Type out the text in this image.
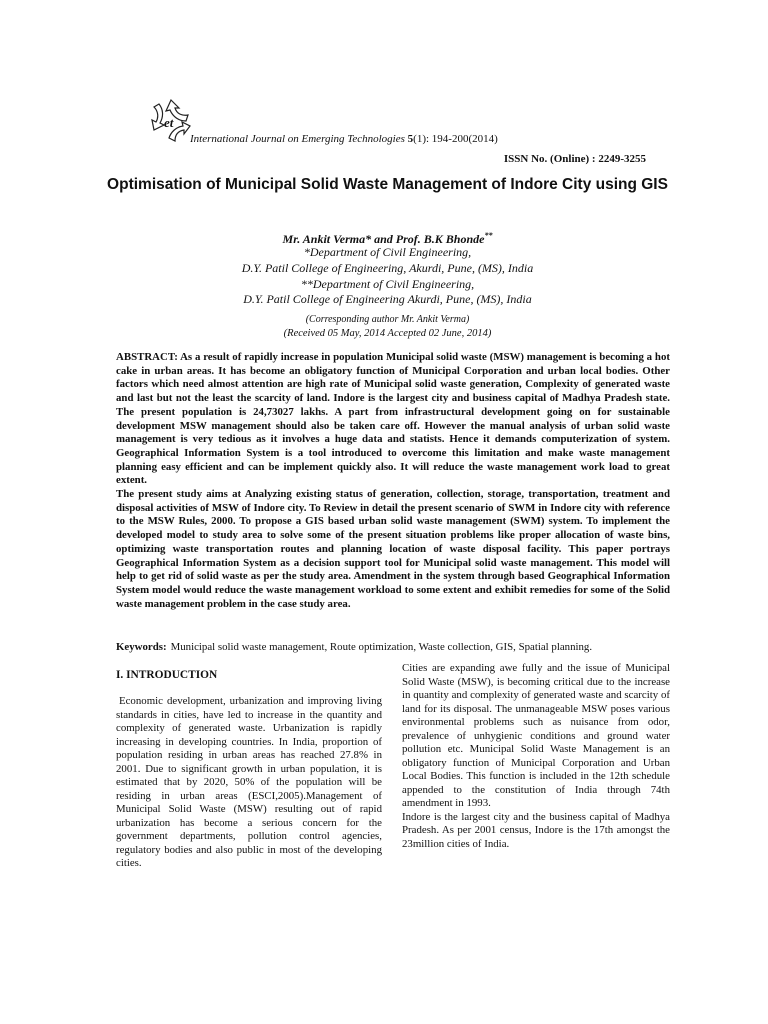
et
International Journal on Emerging Technologies 5(1): 194-200(2014)
ISSN No. (Online) : 2249-3255
Optimisation of Municipal Solid Waste Management of Indore City using GIS
Mr. Ankit Verma* and Prof. B.K Bhonde**
*Department of Civil Engineering,
D.Y. Patil College of Engineering, Akurdi, Pune, (MS), India
**Department of Civil Engineering,
D.Y. Patil College of Engineering Akurdi, Pune, (MS), India
(Corresponding author Mr. Ankit Verma)
(Received 05 May, 2014 Accepted 02 June, 2014)

ABSTRACT: As a result of rapidly increase in population Municipal solid waste (MSW) management is becoming a hot cake in urban areas. It has become an obligatory function of Municipal Corporation and urban local bodies. Other factors which need almost attention are high rate of Municipal solid waste generation, Complexity of generated waste and last but not the least the scarcity of land. Indore is the largest city and business capital of Madhya Pradesh state. The present population is 24,73027 lakhs. A part from infrastructural development going on for sustainable development MSW management should also be taken care off. However the manual analysis of urban solid waste management is very tedious as it involves a huge data and statists. Hence it demands computerization of system. Geographical Information System is a tool introduced to overcome this limitation and make waste management planning easy efficient and can be implement quickly also. It will reduce the waste management work load to great extent.

The present study aims at Analyzing existing status of generation, collection, storage, transportation, treatment and disposal activities of MSW of Indore city. To Review in detail the present scenario of SWM in Indore city with reference to the MSW Rules, 2000. To propose a GIS based urban solid waste management (SWM) system. To implement the developed model to study area to solve some of the present situation problems like proper allocation of waste bins, optimizing waste transportation routes and planning location of waste disposal facility. This paper portrays Geographical Information System as a decision support tool for Municipal solid waste management. This model will help to get rid of solid waste as per the study area. Amendment in the system through based Geographical Information System model would reduce the waste management workload to some extent and exhibit remedies for some of the Solid waste management problem in the case study area.

Keywords: Municipal solid waste management, Route optimization, Waste collection, GIS, Spatial planning.
I. INTRODUCTION

Economic development, urbanization and improving living standards in cities, have led to increase in the quantity and complexity of generated waste. Urbanization is rapidly increasing in developing countries. In India, proportion of population residing in urban areas has reached 27.8% in 2001. Due to significant growth in urban population, it is estimated that by 2020, 50% of the population will be residing in urban areas (ESCI,2005).Management of Municipal Solid Waste (MSW) resulting out of rapid urbanization has become a serious concern for the government departments, pollution control agencies, regulatory bodies and also public in most of the developing cities.

Cities are expanding awe fully and the issue of Municipal Solid Waste (MSW), is becoming critical due to the increase in quantity and complexity of generated waste and scarcity of land for its disposal. The unmanageable MSW poses various environmental problems such as nuisance from odor, prevalence of unhygienic conditions and ground water pollution etc. Municipal Solid Waste Management is an obligatory function of Municipal Corporation and Urban Local Bodies. This function is included in the 12th schedule appended to the constitution of India through 74th amendment in 1993.

Indore is the largest city and the business capital of Madhya Pradesh. As per 2001 census, Indore is the 17th amongst the 23million cities of India.
